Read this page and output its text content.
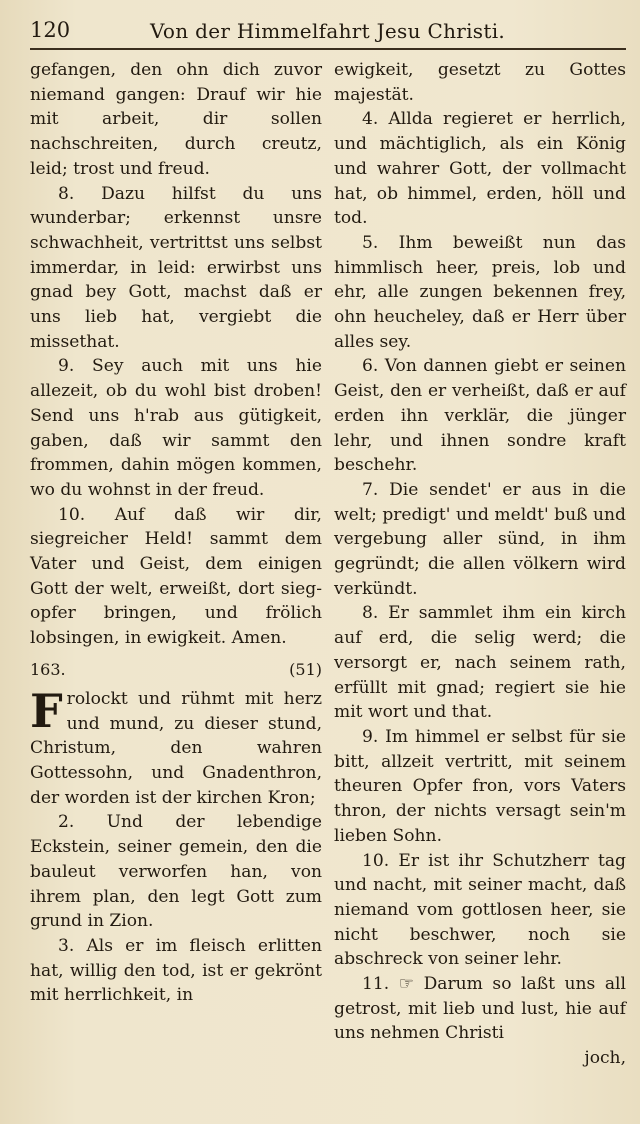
120	Von der Himmelfahrt Jesu Christi.

gefangen, den ohn dich zuvor niemand gangen: Drauf wir hie mit arbeit, dir sollen nachschreiten, durch creutz, leid; trost und freud.

8. Dazu hilfst du uns wunderbar; erkennst unsre schwachheit, vertrittst uns selbst immerdar, in leid: erwirbst uns gnad bey Gott, machst daß er uns lieb hat, vergiebt die missethat.

9. Sey auch mit uns hie allezeit, ob du wohl bist droben! Send uns h'rab aus gütigkeit, gaben, daß wir sammt den frommen, dahin mögen kommen, wo du wohnst in der freud.

10. Auf daß wir dir, siegreicher Held! sammt dem Vater und Geist, dem einigen Gott der welt, erweißt, dort sieg-opfer bringen, und frölich lobsingen, in ewigkeit. Amen.

163.	(51)

Frolockt und rühmt mit herz und mund, zu dieser stund, Christum, den wahren Gottessohn, und Gnadenthron, der worden ist der kirchen Kron;

2. Und der lebendige Eckstein, seiner gemein, den die bauleut verworfen han, von ihrem plan, den legt Gott zum grund in Zion.

3. Als er im fleisch erlitten hat, willig den tod, ist er gekrönt mit herrlichkeit, in

ewigkeit, gesetzt zu Gottes majestät.

4. Allda regieret er herrlich, und mächtiglich, als ein König und wahrer Gott, der vollmacht hat, ob himmel, erden, höll und tod.

5. Ihm beweißt nun das himmlisch heer, preis, lob und ehr, alle zungen bekennen frey, ohn heucheley, daß er Herr über alles sey.

6. Von dannen giebt er seinen Geist, den er verheißt, daß er auf erden ihn verklär, die jünger lehr, und ihnen sondre kraft beschehr.

7. Die sendet' er aus in die welt; predigt' und meldt' buß und vergebung aller sünd, in ihm gegründt; die allen völkern wird verkündt.

8. Er sammlet ihm ein kirch auf erd, die selig werd; die versorgt er, nach seinem rath, erfüllt mit gnad; regiert sie hie mit wort und that.

9. Im himmel er selbst für sie bitt, allzeit vertritt, mit seinem theuren Opfer fron, vors Vaters thron, der nichts versagt sein'm lieben Sohn.

10. Er ist ihr Schutzherr tag und nacht, mit seiner macht, daß niemand vom gottlosen heer, sie nicht beschwer, noch sie abschreck von seiner lehr.

11. ☞ Darum so laßt uns all getrost, mit lieb und lust, hie auf uns nehmen Christi

joch,
